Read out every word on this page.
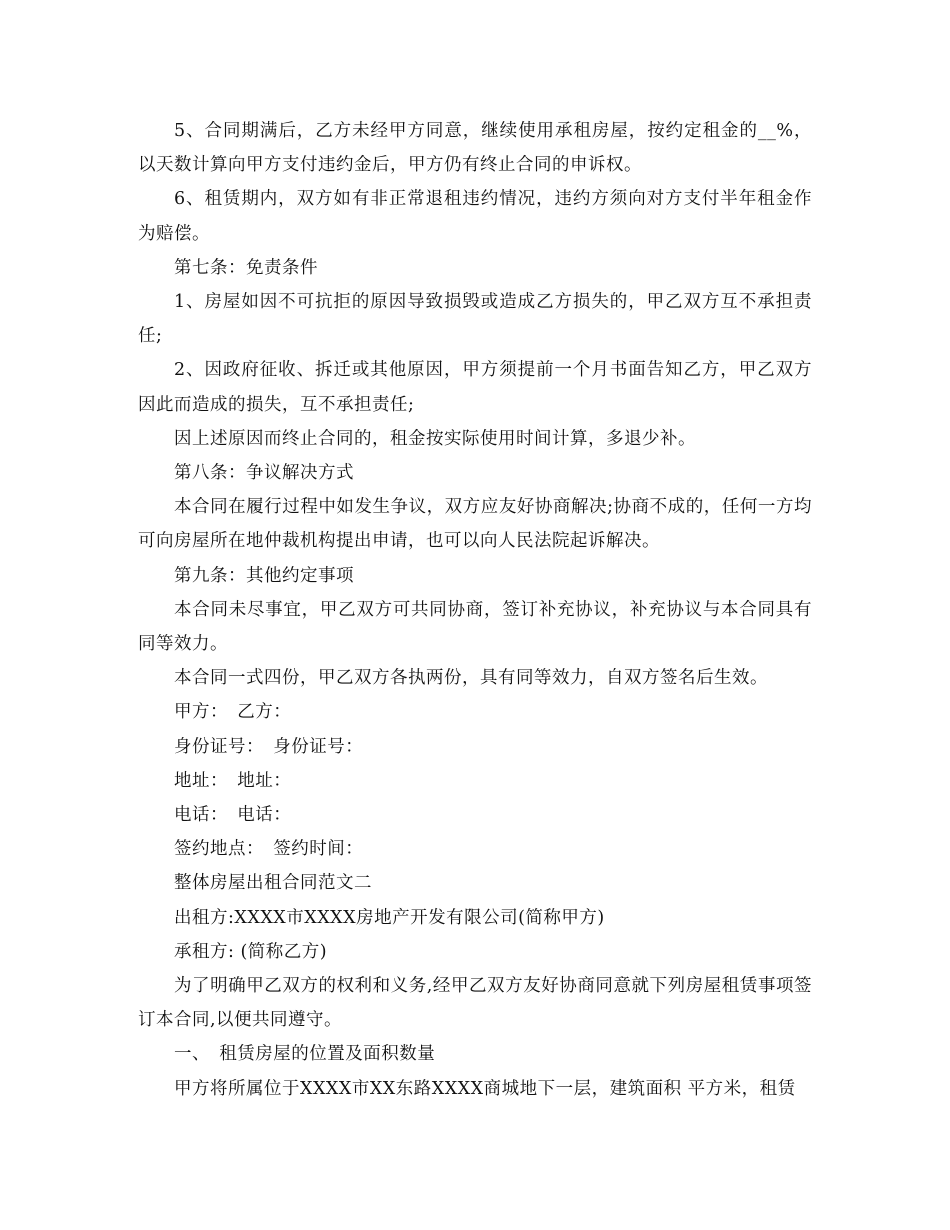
5、合同期满后，乙方未经甲方同意，继续使用承租房屋，按约定租金的__%，以天数计算向甲方支付违约金后，甲方仍有终止合同的申诉权。

6、租赁期内，双方如有非正常退租违约情况，违约方须向对方支付半年租金作为赔偿。

第七条：免责条件

1、房屋如因不可抗拒的原因导致损毁或造成乙方损失的，甲乙双方互不承担责任;

2、因政府征收、拆迁或其他原因，甲方须提前一个月书面告知乙方，甲乙双方因此而造成的损失，互不承担责任;

因上述原因而终止合同的，租金按实际使用时间计算，多退少补。

第八条：争议解决方式

本合同在履行过程中如发生争议，双方应友好协商解决;协商不成的，任何一方均可向房屋所在地仲裁机构提出申请，也可以向人民法院起诉解决。

第九条：其他约定事项

本合同未尽事宜，甲乙双方可共同协商，签订补充协议，补充协议与本合同具有同等效力。

本合同一式四份，甲乙双方各执两份，具有同等效力，自双方签名后生效。

甲方：　乙方：

身份证号：　身份证号：

地址：　地址：

电话：　电话：

签约地点：　签约时间：

整体房屋出租合同范文二

出租方:XXXX市XXXX房地产开发有限公司(简称甲方)

承租方: (简称乙方)

为了明确甲乙双方的权利和义务,经甲乙双方友好协商同意就下列房屋租赁事项签订本合同,以便共同遵守。

一、　租赁房屋的位置及面积数量

甲方将所属位于XXXX市XX东路XXXX商城地下一层，建筑面积 平方米，租赁
